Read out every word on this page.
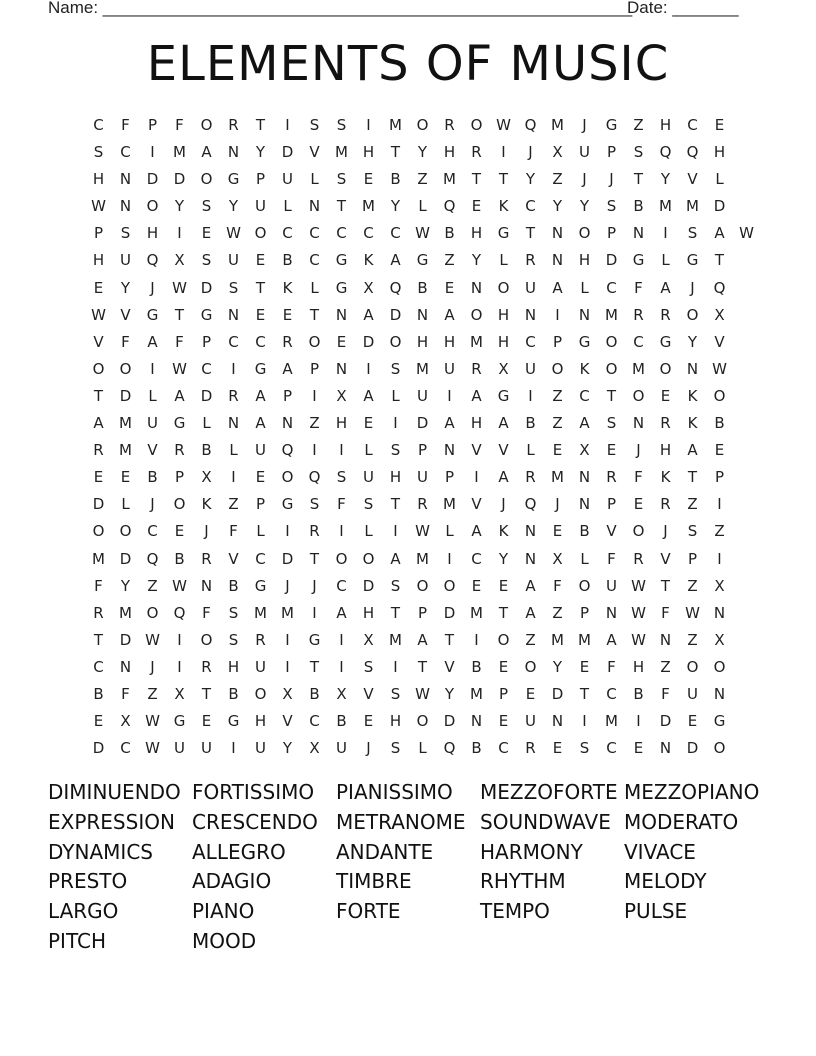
Name: ________________________________________________________
Date: _______
ELEMENTS OF MUSIC
C	F	P	F	O	R	T	I	S	S	I	M O	R	O W Q M	J	G	Z	H	C	E
S	C	I	M	A	N	Y	D	V	M H	T	Y	H	R	I	J	X	U	P	S	Q	Q	H
H	N	D	D	O	G	P	U	L	S	E	B	Z	M	T	T	Y	Z	J	J	T	Y	V	L
W N	O	Y	S	Y	U	L	N	T	M	Y	L	Q	E	K	C	Y	Y	S	B	M M D
P	S	H	I	E W O	C	C	C	C	C W B	H	G	T	N	O	P	N	I	S	A W
H	U	Q	X	S	U	E	B	C	G	K	A	G	Z	Y	L	R	N	H	D	G	L	G	T
E	Y	J	W D	S	T	K	L	G	X	Q	B	E	N	O	U	A	L	C	F	A	J	Q
W V	G	T	G	N	E	E	T	N	A	D	N	A	O	H	N	I	N M	R	R	O	X
V	F	A	F	P	C	C	R	O	E	D	O	H	H M H	C	P	G	O	C	G	Y	V
O	O	I	W C	I	G	A	P	N	I	S	M	U	R	X	U	O	K	O M O	N W
T	D	L	A	D	R	A	P	I	X	A	L	U	I	A	G	I	Z	C	T	O	E	K	O
A	M	U	G	L	N	A	N	Z	H	E	I	D	A	H	A	B	Z	A	S	N	R	K	B
R	M	V	R	B	L	U	Q	I	I	L	S	P	N	V	V	L	E	X	E	J	H	A	E
E	E	B	P	X	I	E	O	Q	S	U	H	U	P	I	A	R	M N	R	F	K	T	P
D	L	J	O	K	Z	P	G	S	F	S	T	R	M	V	J	Q	J	N	P	E	R	Z	I
O	O	C	E	J	F	L	I	R	I	L	I	W	L	A	K	N	E	B	V	O	J	S	Z
M D	Q	B	R	V	C	D	T	O	O	A	M	I	C	Y	N	X	L	F	R	V	P	I
F	Y	Z W N	B	G	J	J	C	D	S	O	O	E	E	A	F	O	U W T	Z	X
R	M O	Q	F	S	M M	I	A	H	T	P	D M	T	A	Z	P	N W	F	W N
T	D W	I	O	S	R	I	G	I	X	M	A	T	I	O	Z	M M	A W N	Z	X
C	N	J	I	R	H	U	I	T	I	S	I	T	V	B	E	O	Y	E	F	H	Z	O	O
B	F	Z	X	T	B	O	X	B	X	V	S W Y	M	P	E	D	T	C	B	F	U	N
E	X W G	E	G	H	V	C	B	E	H	O	D	N	E	U	N	I	M	I	D	E	G
D	C W U	U	I	U	Y	X	U	J	S	L	Q	B	C	R	E	S	C	E	N	D	O
DIMINUENDO FORTISSIMO	PIANISSIMO	MEZZOFORTE MEZZOPIANO
EXPRESSION CRESCENDO METRANOME SOUNDWAVE MODERATO
DYNAMICS	ALLEGRO	ANDANTE	HARMONY	VIVACE
PRESTO	ADAGIO	TIMBRE	RHYTHM	MELODY
LARGO	PIANO	FORTE	TEMPO	PULSE
PITCH	MOOD
